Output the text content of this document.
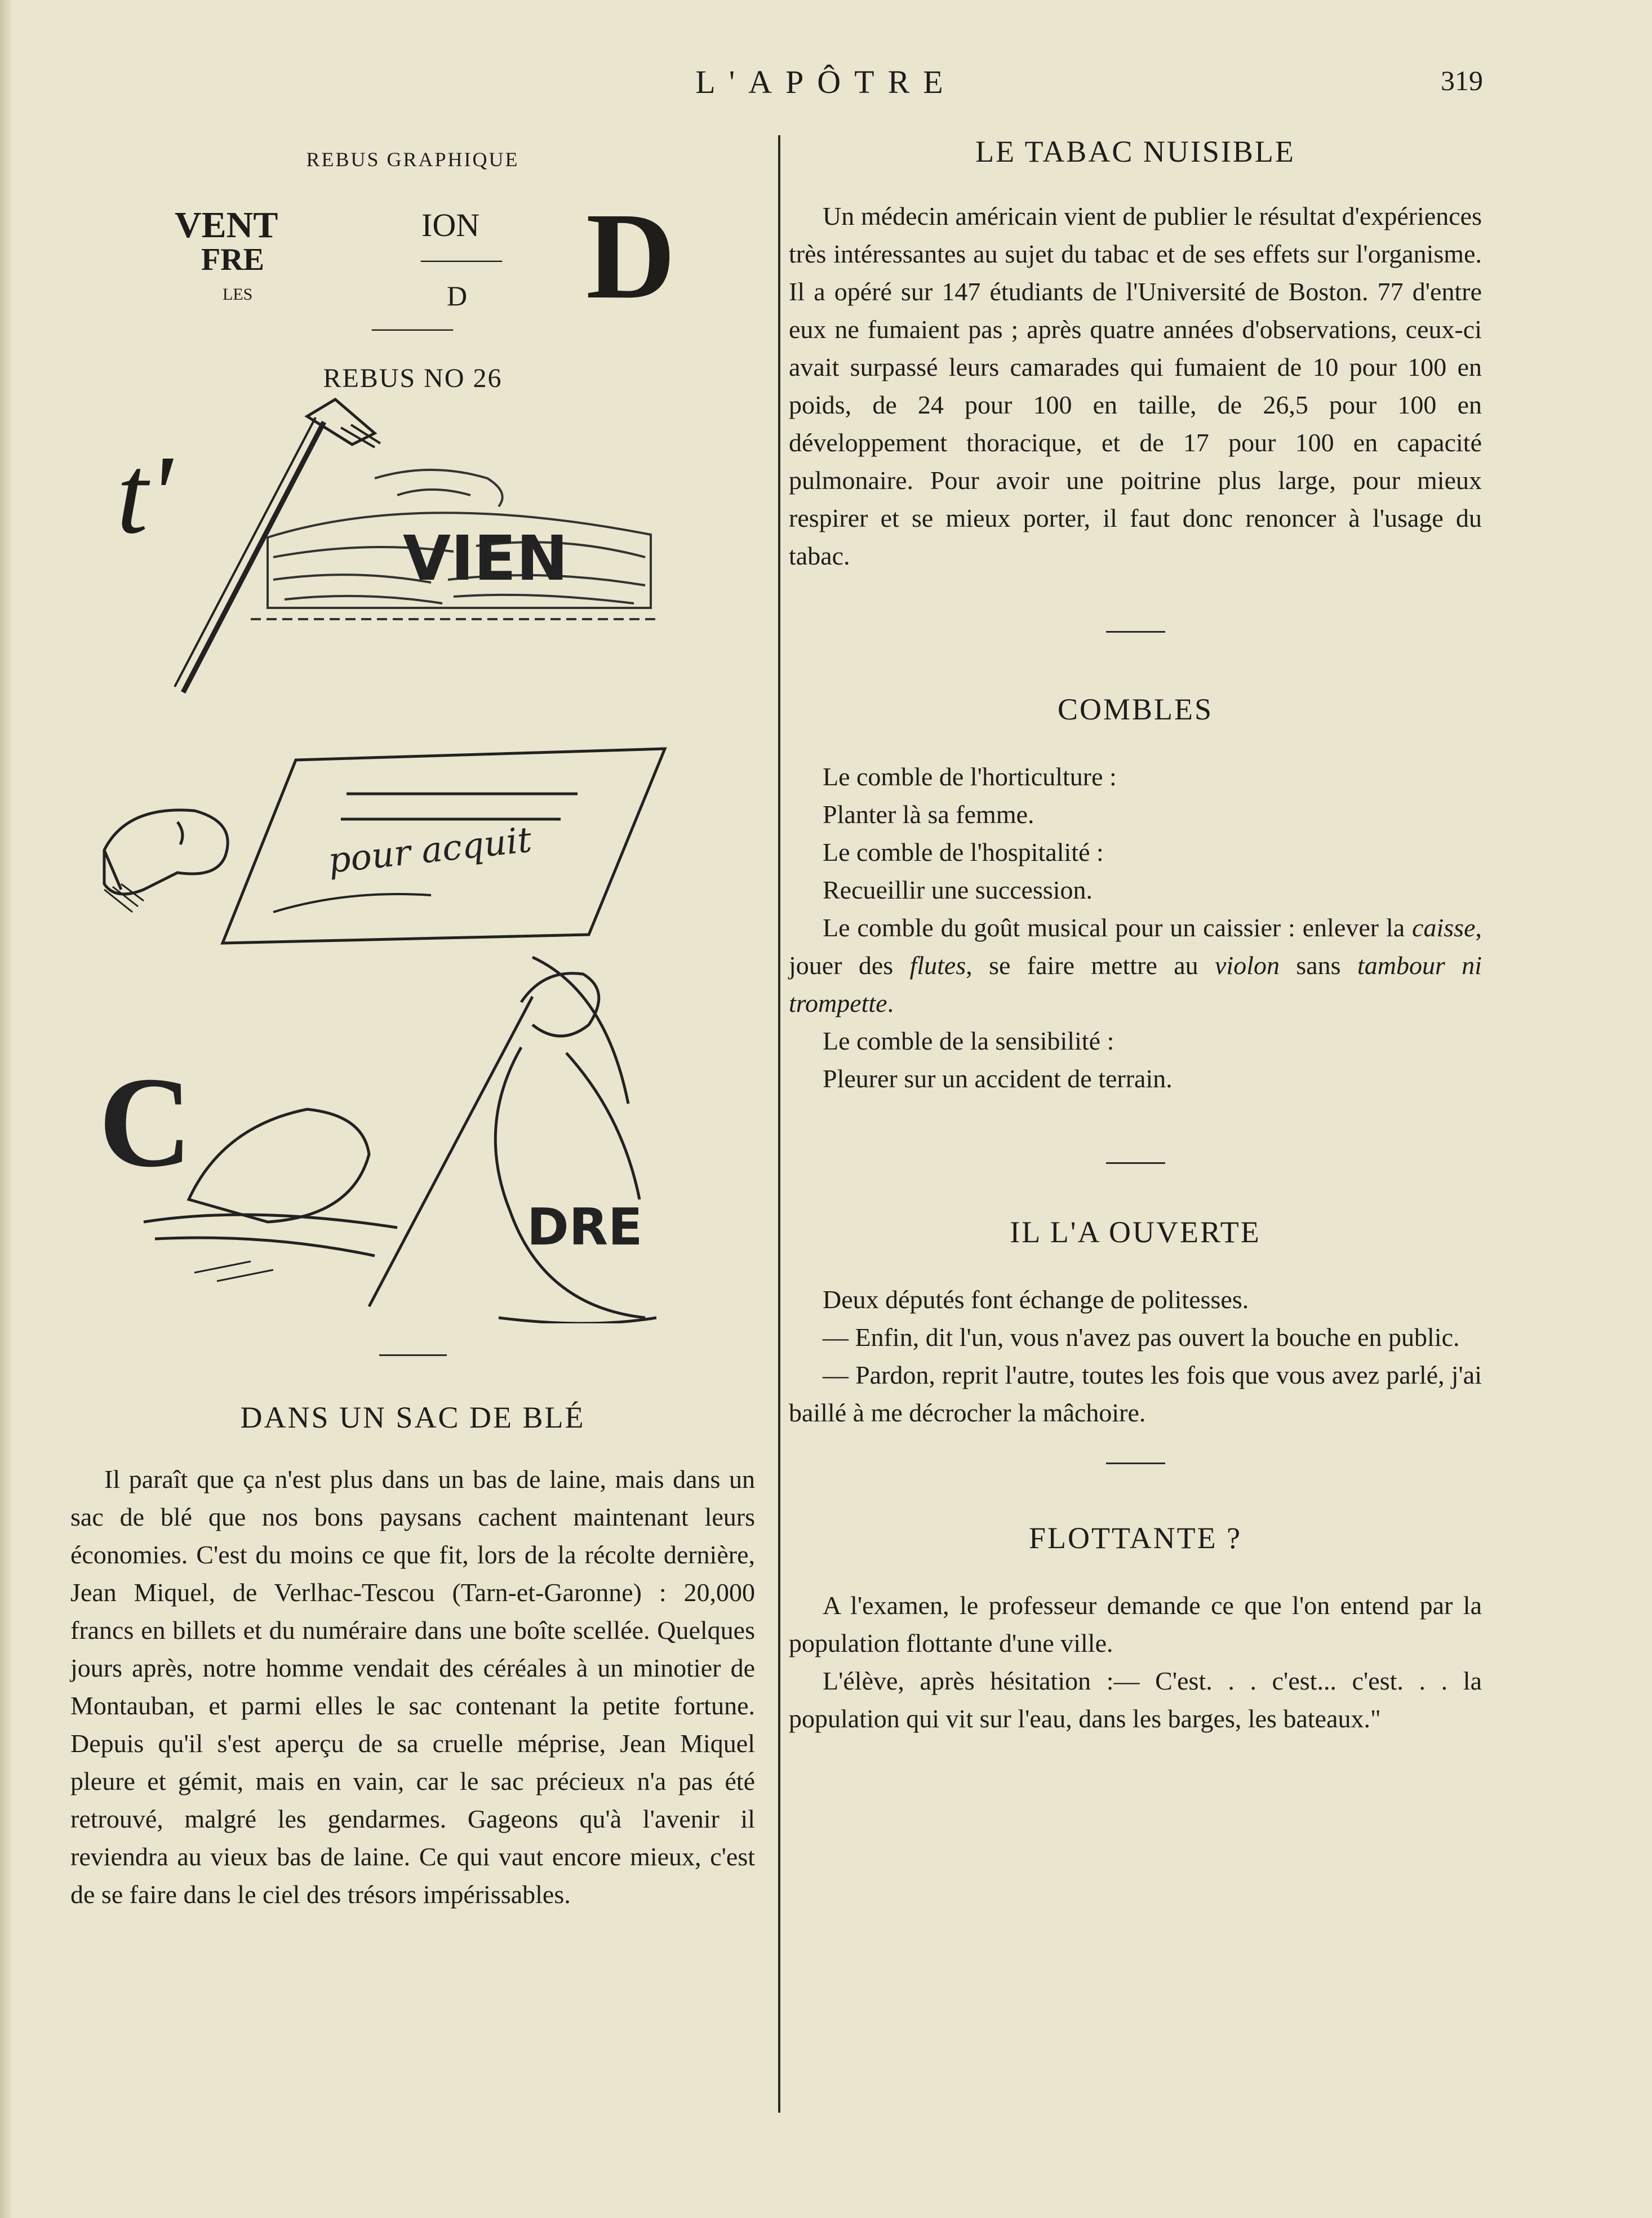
L'APÔTRE	319
REBUS GRAPHIQUE
VENT
FRE
LES
ION
———
D
———
D
REBUS NO 26
t'
VIEN
pour acquit
C
DRE
DANS UN SAC DE BLÉ

Il paraît que ça n'est plus dans un bas de laine, mais dans un sac de blé que nos bons paysans cachent maintenant leurs économies. C'est du moins ce que fit, lors de la récolte dernière, Jean Miquel, de Verlhac-Tescou (Tarn-et-Garonne) : 20,000 francs en billets et du numéraire dans une boîte scellée. Quelques jours après, notre homme vendait des céréales à un minotier de Montauban, et parmi elles le sac contenant la petite fortune. Depuis qu'il s'est aperçu de sa cruelle méprise, Jean Miquel pleure et gémit, mais en vain, car le sac précieux n'a pas été retrouvé, malgré les gendarmes. Gageons qu'à l'avenir il reviendra au vieux bas de laine. Ce qui vaut encore mieux, c'est de se faire dans le ciel des trésors impérissables.

LE TABAC NUISIBLE

Un médecin américain vient de publier le résultat d'expériences très intéressantes au sujet du tabac et de ses effets sur l'organisme. Il a opéré sur 147 étudiants de l'Université de Boston. 77 d'entre eux ne fumaient pas ; après quatre années d'observations, ceux-ci avait surpassé leurs camarades qui fumaient de 10 pour 100 en poids, de 24 pour 100 en taille, de 26,5 pour 100 en développement thoracique, et de 17 pour 100 en capacité pulmonaire. Pour avoir une poitrine plus large, pour mieux respirer et se mieux porter, il faut donc renoncer à l'usage du tabac.

COMBLES

Le comble de l'horticulture :

Planter là sa femme.

Le comble de l'hospitalité :

Recueillir une succession.

Le comble du goût musical pour un caissier : enlever la caisse, jouer des flutes, se faire mettre au violon sans tambour ni trompette.

Le comble de la sensibilité :

Pleurer sur un accident de terrain.

IL L'A OUVERTE

Deux députés font échange de politesses.

— Enfin, dit l'un, vous n'avez pas ouvert la bouche en public.

— Pardon, reprit l'autre, toutes les fois que vous avez parlé, j'ai baillé à me décrocher la mâchoire.

FLOTTANTE ?

A l'examen, le professeur demande ce que l'on entend par la population flottante d'une ville.

L'élève, après hésitation :— C'est. . . c'est... c'est. . . la population qui vit sur l'eau, dans les barges, les bateaux."
